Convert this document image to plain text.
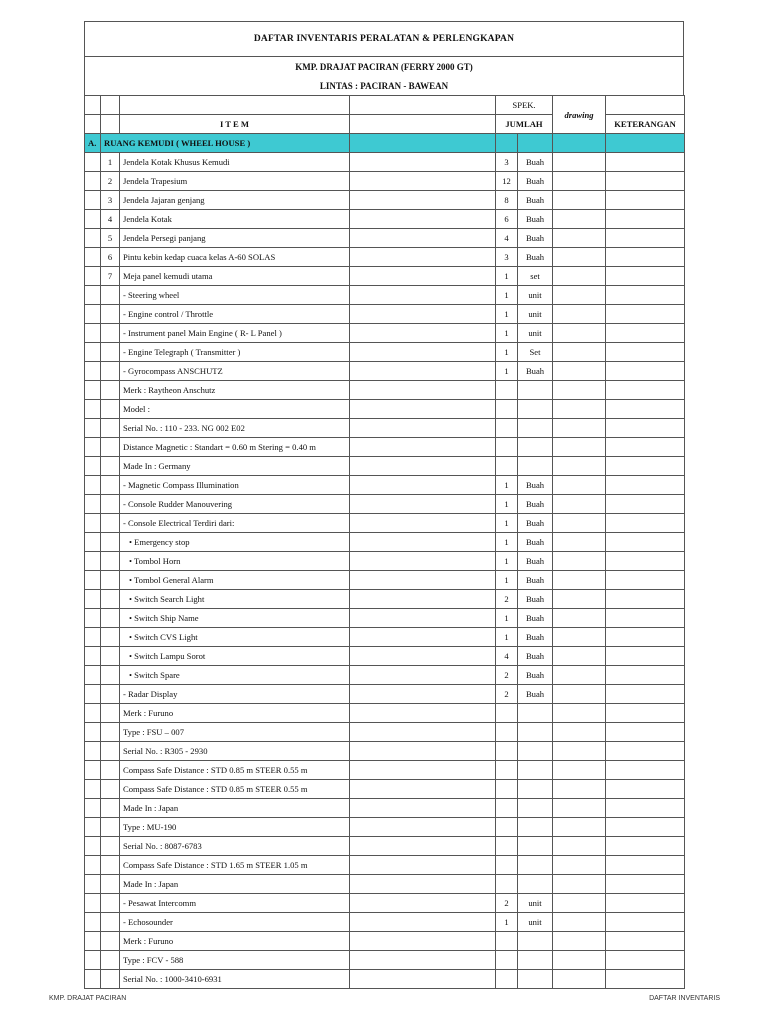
DAFTAR INVENTARIS PERALATAN & PERLENGKAPAN
KMP. DRAJAT PACIRAN (FERRY 2000 GT)
LINTAS : PACIRAN - BAWEAN
				SPEK.		drawing	
		I T E M		JUMLAH			KETERANGAN
A.	RUANG KEMUDI ( WHEEL HOUSE )						
	1	Jendela Kotak Khusus Kemudi		3	Buah		
	2	Jendela Trapesium		12	Buah		
	3	Jendela Jajaran genjang		8	Buah		
	4	Jendela Kotak		6	Buah		
	5	Jendela Persegi panjang		4	Buah		
	6	Pintu kebin kedap cuaca kelas A-60 SOLAS		3	Buah		
	7	Meja panel kemudi utama		1	set		
		- Steering wheel		1	unit		
		- Engine control / Throttle		1	unit		
		- Instrument panel Main Engine ( R- L Panel )		1	unit		
		- Engine Telegraph ( Transmitter )		1	Set		
		- Gyrocompass ANSCHUTZ		1	Buah		
		Merk : Raytheon Anschutz					
		Model :					
		Serial No. : 110 - 233. NG 002 E02					
		Distance Magnetic : Standart = 0.60 m Stering = 0.40 m					
		Made In : Germany					
		- Magnetic Compass Illumination		1	Buah		
		- Console Rudder Manouvering		1	Buah		
		- Console Electrical Terdiri dari:		1	Buah		
		• Emergency stop		1	Buah		
		• Tombol Horn		1	Buah		
		• Tombol General Alarm		1	Buah		
		• Switch Search Light		2	Buah		
		• Switch Ship Name		1	Buah		
		• Switch CVS Light		1	Buah		
		• Switch Lampu Sorot		4	Buah		
		• Switch Spare		2	Buah		
		- Radar Display		2	Buah		
		Merk : Furuno					
		Type : FSU – 007					
		Serial No. : R305 - 2930					
		Compass Safe Distance : STD 0.85 m STEER 0.55 m					
		Compass Safe Distance : STD 0.85 m STEER 0.55 m					
		Made In : Japan					
		Type : MU-190					
		Serial No. : 8087-6783					
		Compass Safe Distance : STD 1.65 m STEER 1.05 m					
		Made In : Japan					
		- Pesawat Intercomm		2	unit		
		- Echosounder		1	unit		
		Merk : Furuno					
		Type : FCV - 588					
		Serial No. : 1000-3410-6931					
KMP. DRAJAT PACIRAN	DAFTAR INVENTARIS
